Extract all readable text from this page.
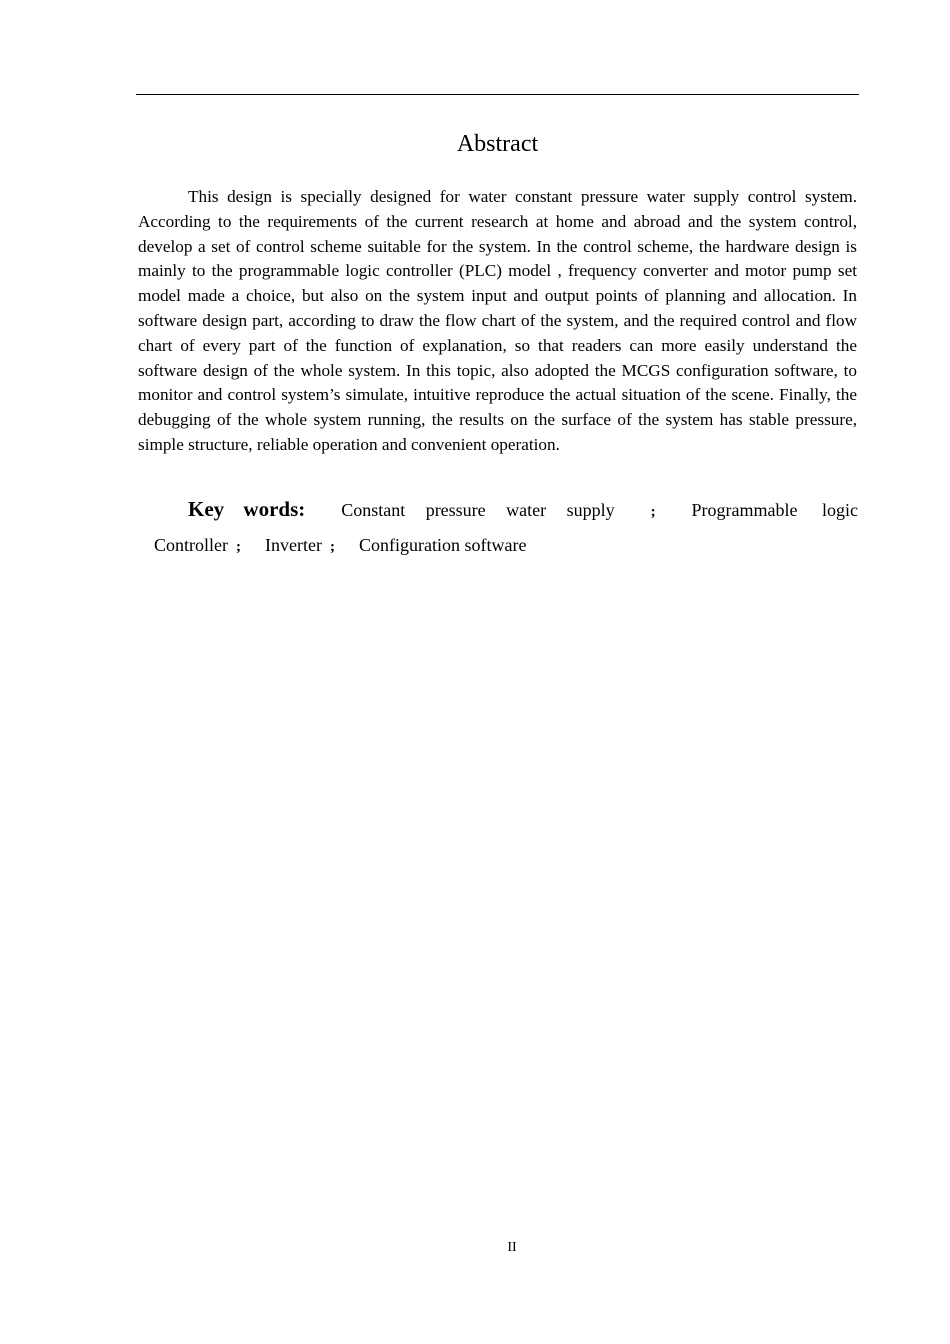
Abstract

This design is specially designed for water constant pressure water supply control system. According to the requirements of the current research at home and abroad and the system control, develop a set of control scheme suitable for the system. In the control scheme, the hardware design is mainly to the programmable logic controller (PLC) model , frequency converter and motor pump set model made a choice, but also on the system input and output points of planning and allocation. In software design part, according to draw the flow chart of the system, and the required control and flow chart of every part of the function of explanation, so that readers can more easily understand the software design of the whole system. In this topic, also adopted the MCGS configuration software, to monitor and control system’s simulate, intuitive reproduce the actual situation of the scene. Finally, the debugging of the whole system running, the results on the surface of the system has stable pressure, simple structure, reliable operation and convenient operation.

Key words: Constant pressure water supply ; Programmable logic
Controller ; Inverter ; Configuration software
II
